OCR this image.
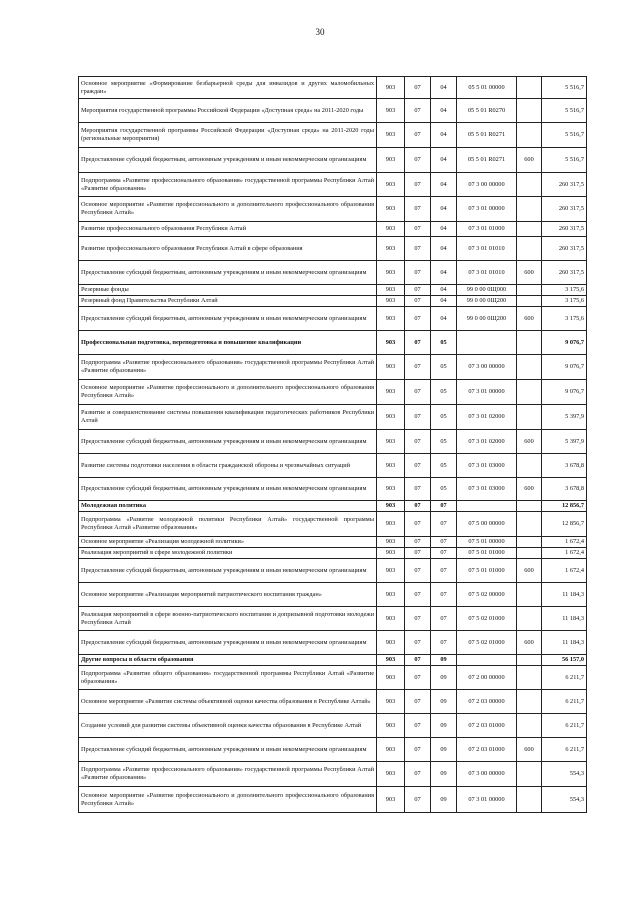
30
Основное мероприятие «Формирование безбарьерной среды для инвалидов и других маломобильных граждан»	903	07	04	05 5 01 00000		5 516,7
Мероприятия государственной программы Российской Федерации «Доступная среда» на 2011-2020 годы	903	07	04	05 5 01 R0270		5 516,7
Мероприятия государственной программы Российской Федерации «Доступная среда» на 2011-2020 годы (региональные мероприятия)	903	07	04	05 5 01 R0271		5 516,7
Предоставление субсидий бюджетным, автономным учреждениям и иным некоммерческим организациям	903	07	04	05 5 01 R0271	600	5 516,7
Подпрограмма «Развитие профессионального образования» государственной программы Республики Алтай «Развитие образования»	903	07	04	07 3 00 00000		260 317,5
Основное мероприятие «Развитие профессионального и дополнительного профессионального образования Республики Алтай»	903	07	04	07 3 01 00000		260 317,5
Развитие профессионального образования Республики Алтай	903	07	04	07 3 01 01000		260 317,5
Развитие профессионального образования Республики Алтай в сфере образования	903	07	04	07 3 01 01010		260 317,5
Предоставление субсидий бюджетным, автономным учреждениям и иным некоммерческим организациям	903	07	04	07 3 01 01010	600	260 317,5
Резервные фонды	903	07	04	99 0 00 0Щ000		3 175,6
Резервный фонд Правительства Республики Алтай	903	07	04	99 0 00 0Щ200		3 175,6
Предоставление субсидий бюджетным, автономным учреждениям и иным некоммерческим организациям	903	07	04	99 0 00 0Щ200	600	3 175,6
Профессиональная подготовка, переподготовка и повышение квалификации	903	07	05			9 076,7
Подпрограмма «Развитие профессионального образования» государственной программы Республики Алтай «Развитие образования»	903	07	05	07 3 00 00000		9 076,7
Основное мероприятие «Развитие профессионального и дополнительного профессионального образования Республики Алтай»	903	07	05	07 3 01 00000		9 076,7
Развитие и совершенствование системы повышения квалификации педагогических работников Республики Алтай	903	07	05	07 3 01 02000		5 397,9
Предоставление субсидий бюджетным, автономным учреждениям и иным некоммерческим организациям	903	07	05	07 3 01 02000	600	5 397,9
Развитие системы подготовки населения в области гражданской обороны и чрезвычайных ситуаций	903	07	05	07 3 01 03000		3 678,8
Предоставление субсидий бюджетным, автономным учреждениям и иным некоммерческим организациям	903	07	05	07 3 01 03000	600	3 678,8
Молодежная политика	903	07	07			12 856,7
Подпрограмма «Развитие молодежной политики Республики Алтай» государственной программы Республики Алтай «Развитие образования»	903	07	07	07 5 00 00000		12 856,7
Основное мероприятие «Реализация молодежной политики»	903	07	07	07 5 01 00000		1 672,4
Реализация мероприятий в сфере молодежной политики	903	07	07	07 5 01 01000		1 672,4
Предоставление субсидий бюджетным, автономным учреждениям и иным некоммерческим организациям	903	07	07	07 5 01 01000	600	1 672,4
Основное мероприятие «Реализация мероприятий патриотического воспитания граждан»	903	07	07	07 5 02 00000		11 184,3
Реализация мероприятий в сфере военно-патриотического воспитания и допризывной подготовки молодежи Республики Алтай	903	07	07	07 5 02 01000		11 184,3
Предоставление субсидий бюджетным, автономным учреждениям и иным некоммерческим организациям	903	07	07	07 5 02 01000	600	11 184,3
Другие вопросы в области образования	903	07	09			56 157,0
Подпрограмма «Развитие общего образования» государственной программы Республики Алтай «Развитие образования»	903	07	09	07 2 00 00000		6 211,7
Основное мероприятие «Развитие системы объективной оценки качества образования в Республике Алтай»	903	07	09	07 2 03 00000		6 211,7
Создание условий для развития системы объективной оценки качества образования в Республике Алтай	903	07	09	07 2 03 01000		6 211,7
Предоставление субсидий бюджетным, автономным учреждениям и иным некоммерческим организациям	903	07	09	07 2 03 01000	600	6 211,7
Подпрограмма «Развитие профессионального образования» государственной программы Республики Алтай «Развитие образования»	903	07	09	07 3 00 00000		554,3
Основное мероприятие «Развитие профессионального и дополнительного профессионального образования Республики Алтай»	903	07	09	07 3 01 00000		554,3
